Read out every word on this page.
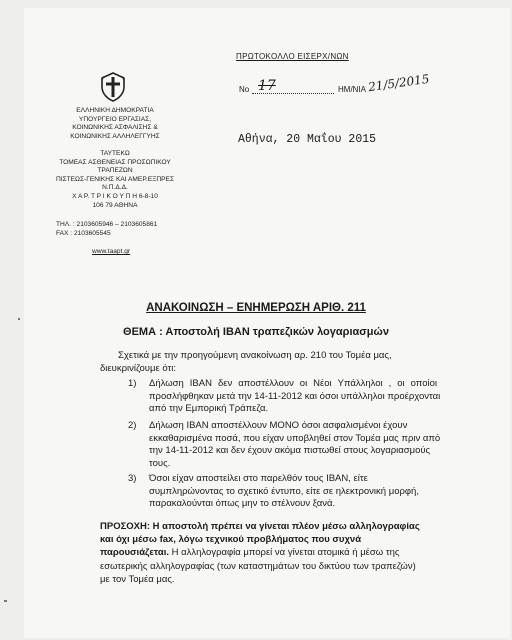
ΕΛΛΗΝΙΚΗ ΔΗΜΟΚΡΑΤΙΑ
ΥΠΟΥΡΓΕΙΟ ΕΡΓΑΣΙΑΣ,
ΚΟΙΝΩΝΙΚΗΣ ΑΣΦΑΛΙΣΗΣ &
ΚΟΙΝΩΝΙΚΗΣ ΑΛΛΗΛΕΓΓΥΗΣ
ΤΑΥΤΕΚΩ
ΤΟΜΕΑΣ ΑΣΘΕΝΕΙΑΣ ΠΡΟΣΩΠΙΚΟΥ
ΤΡΑΠΕΖΩΝ
ΠΙΣΤΕΩΣ-ΓΕΝΙΚΗΣ ΚΑΙ ΑΜΕΡ.ΕΞΠΡΕΣ
Ν.Π.Δ.Δ.
Χ Α Ρ. Τ Ρ Ι Κ Ο Υ Π Η 6-8-10
106 79 ΑΘΗΝΑ
ΤΗΛ. : 2103605946 – 2103605861
FAX : 2103605545
www.taapt.gr
ΠΡΩΤΟΚΟΛΛΟ ΕΙΣΕΡΧ/ΝΩΝ
No 17	ΗΜ/ΝΙΑ 21/5/2015
Αθήνα, 20 Μαΐου 2015
ΑΝΑΚΟΙΝΩΣΗ – ΕΝΗΜΕΡΩΣΗ ΑΡΙΘ. 211
ΘΕΜΑ : Αποστολή IBAN τραπεζικών λογαριασμών
Σχετικά με την προηγούμενη ανακοίνωση αρ. 210 του Τομέα μας,
διευκρινίζουμε ότι:
1) Δήλωση IBAN δεν αποστέλλουν οι Νέοι Υπάλληλοι , οι οποίοι
προσλήφθηκαν μετά την 14-11-2012 και όσοι υπάλληλοι προέρχονται
από την Εμπορική Τράπεζα.
2) Δήλωση IBAN αποστέλλουν ΜΟΝΟ όσοι ασφαλισμένοι έχουν
εκκαθαρισμένα ποσά, που είχαν υποβληθεί στον Τομέα μας πριν από
την 14-11-2012 και δεν έχουν ακόμα πιστωθεί στους λογαριασμούς
τους.
3) Όσοι είχαν αποστείλει στο παρελθόν τους IBAN, είτε
συμπληρώνοντας το σχετικό έντυπο, είτε σε ηλεκτρονική μορφή,
παρακαλούνται όπως μην το στέλνουν ξανά.
ΠΡΟΣΟΧΗ: Η αποστολή πρέπει να γίνεται πλέον μέσω αλληλογραφίας
και όχι μέσω fax, λόγω τεχνικού προβλήματος που συχνά
παρουσιάζεται. Η αλληλογραφία μπορεί να γίνεται ατομικά ή μέσω της
εσωτερικής αλληλογραφίας (των καταστημάτων του δικτύου των τραπεζών)
με τον Τομέα μας.
